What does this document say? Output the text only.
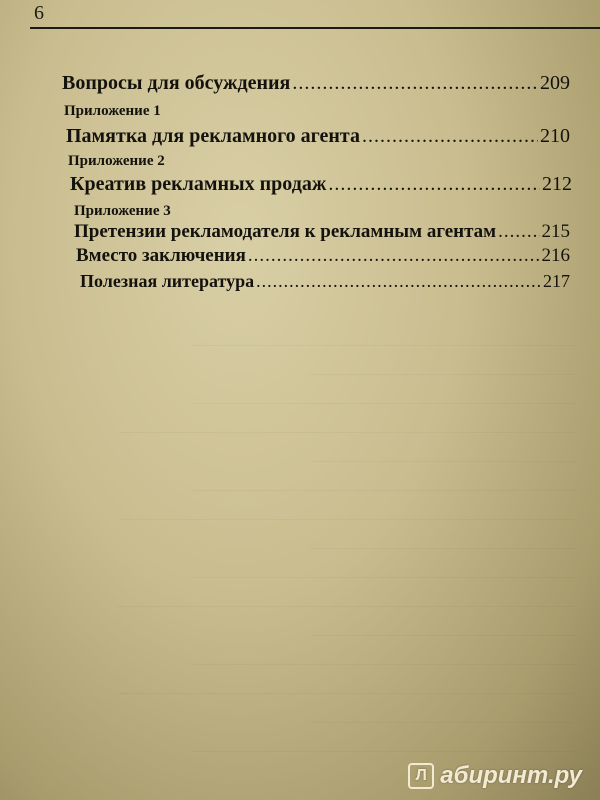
6
Вопросы для обсуждения .....	209
Приложение 1
Памятка для рекламного агента .....	210
Приложение 2
Креатив рекламных продаж .....	212
Приложение 3
Претензии рекламодателя к рекламным агентам ..... 215
Вместо заключения .....	216
Полезная литература .....	217
Л абиринт.ру
